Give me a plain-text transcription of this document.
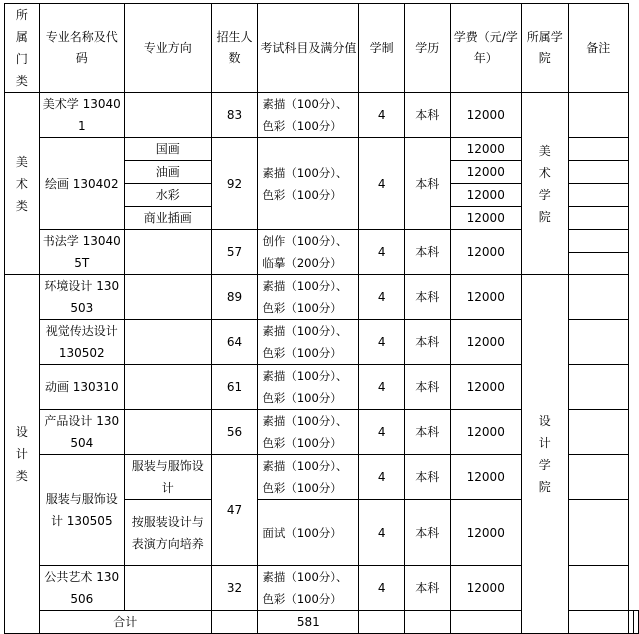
所属门类	专业名称及代码	专业方向	招生人数	考试科目及满分值	学制	学历	学费（元/学年）	所属学院	备注		
美术类	美术学 130401		83	素描（100分）、色彩（100分）	4	本科	12000	美术学院			
	绘画 130402	国画	92	素描（100分）、色彩（100分）	4	本科	12000				
		油画					12000				
		水彩					12000				
		商业插画					12000				
	书法学 130405T		57	创作（100分）、临摹（200分）	4	本科	12000				

设计类	环境设计 130503		89	素描（100分）、色彩（100分）	4	本科	12000	设计学院			
	视觉传达设计 130502		64	素描（100分）、色彩（100分）	4	本科	12000				
	动画 130310		61	素描（100分）、色彩（100分）	4	本科	12000				
	产品设计 130504		56	素描（100分）、色彩（100分）	4	本科	12000				
	服装与服饰设计 130505	服装与服饰设计	47	素描（100分）、色彩（100分）	4	本科	12000				
		按服装设计与表演方向培养		面试（100分）	4	本科	12000				
	公共艺术 130506		32	素描（100分）、色彩（100分）	4	本科	12000				
	合计			581							
